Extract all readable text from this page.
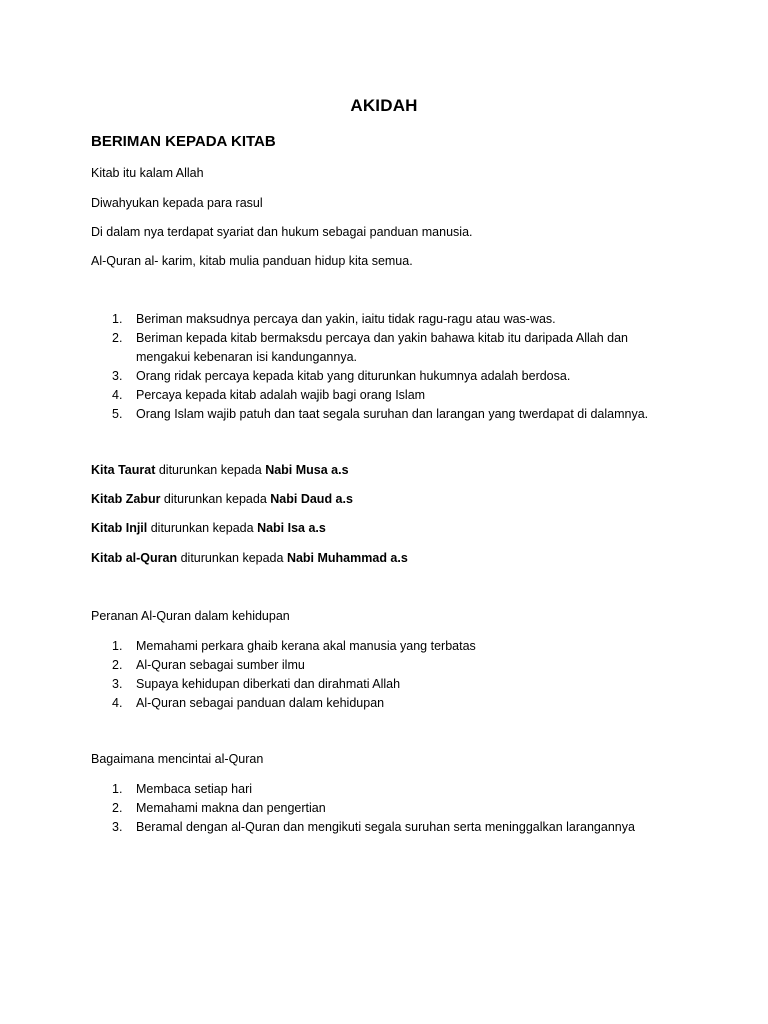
AKIDAH
BERIMAN KEPADA KITAB
Kitab itu kalam Allah
Diwahyukan kepada para rasul
Di dalam nya terdapat syariat dan hukum sebagai panduan manusia.
Al-Quran al- karim, kitab mulia panduan hidup kita semua.
1. Beriman maksudnya percaya dan yakin, iaitu tidak ragu-ragu atau was-was.
2. Beriman kepada kitab bermaksdu percaya dan yakin bahawa kitab itu daripada Allah dan
mengakui kebenaran isi kandungannya.
3. Orang ridak percaya kepada kitab yang diturunkan hukumnya adalah berdosa.
4. Percaya kepada kitab adalah wajib bagi orang Islam
5. Orang Islam wajib patuh dan taat segala suruhan dan larangan yang twerdapat di dalamnya.
Kita Taurat diturunkan kepada Nabi Musa a.s
Kitab Zabur diturunkan kepada Nabi Daud a.s
Kitab Injil diturunkan kepada Nabi Isa a.s
Kitab al-Quran diturunkan kepada Nabi Muhammad a.s
Peranan Al-Quran dalam kehidupan
1. Memahami perkara ghaib kerana akal manusia yang terbatas
2. Al-Quran sebagai sumber ilmu
3. Supaya kehidupan diberkati dan dirahmati Allah
4. Al-Quran sebagai panduan dalam kehidupan
Bagaimana mencintai al-Quran
1. Membaca setiap hari
2. Memahami makna dan pengertian
3. Beramal dengan al-Quran dan mengikuti segala suruhan serta meninggalkan larangannya
